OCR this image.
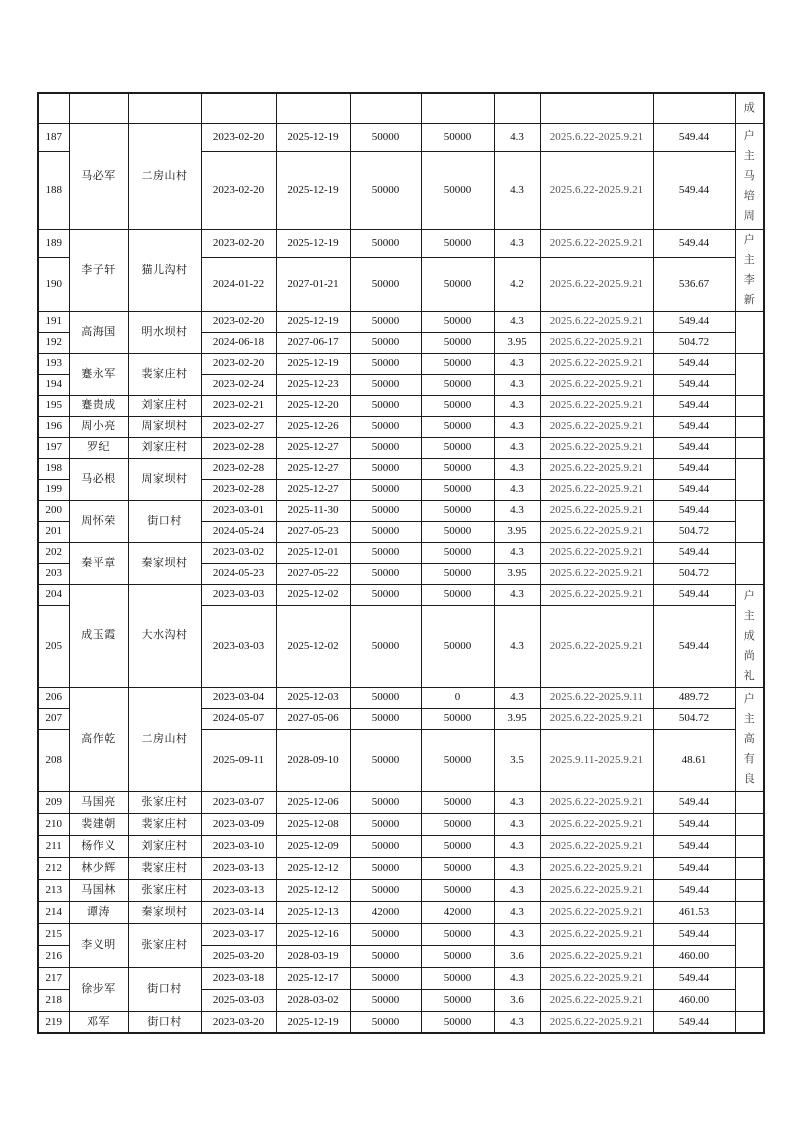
										成

187	马必军	二房山村	2023-02-20	2025-12-19	50000	50000	4.3	2025.6.22-2025.9.21	549.44	户
主
马
培
周

188			2023-02-20	2025-12-19	50000	50000	4.3	2025.6.22-2025.9.21	549.44	
189	李子轩	猫儿沟村	2023-02-20	2025-12-19	50000	50000	4.3	2025.6.22-2025.9.21	549.44	户
主
李
新

190			2024-01-22	2027-01-21	50000	50000	4.2	2025.6.22-2025.9.21	536.67	
191	高海国	明水坝村	2023-02-20	2025-12-19	50000	50000	4.3	2025.6.22-2025.9.21	549.44	

192			2024-06-18	2027-06-17	50000	50000	3.95	2025.6.22-2025.9.21	504.72	
193	蹇永军	裴家庄村	2023-02-20	2025-12-19	50000	50000	4.3	2025.6.22-2025.9.21	549.44	

194			2023-02-24	2025-12-23	50000	50000	4.3	2025.6.22-2025.9.21	549.44	
195	蹇贵成	刘家庄村	2023-02-21	2025-12-20	50000	50000	4.3	2025.6.22-2025.9.21	549.44	

196	周小亮	周家坝村	2023-02-27	2025-12-26	50000	50000	4.3	2025.6.22-2025.9.21	549.44	

197	罗纪	刘家庄村	2023-02-28	2025-12-27	50000	50000	4.3	2025.6.22-2025.9.21	549.44	

198	马必根	周家坝村	2023-02-28	2025-12-27	50000	50000	4.3	2025.6.22-2025.9.21	549.44	

199			2023-02-28	2025-12-27	50000	50000	4.3	2025.6.22-2025.9.21	549.44	
200	周怀荣	街口村	2023-03-01	2025-11-30	50000	50000	4.3	2025.6.22-2025.9.21	549.44	

201			2024-05-24	2027-05-23	50000	50000	3.95	2025.6.22-2025.9.21	504.72	
202	秦平章	秦家坝村	2023-03-02	2025-12-01	50000	50000	4.3	2025.6.22-2025.9.21	549.44	

203			2024-05-23	2027-05-22	50000	50000	3.95	2025.6.22-2025.9.21	504.72	
204	成玉霞	大水沟村	2023-03-03	2025-12-02	50000	50000	4.3	2025.6.22-2025.9.21	549.44	户
主
成
尚
礼

205			2023-03-03	2025-12-02	50000	50000	4.3	2025.6.22-2025.9.21	549.44	
206	高作乾	二房山村	2023-03-04	2025-12-03	50000	0	4.3	2025.6.22-2025.9.11	489.72	户
主
高
有
良

207			2024-05-07	2027-05-06	50000	50000	3.95	2025.6.22-2025.9.21	504.72	
208			2025-09-11	2028-09-10	50000	50000	3.5	2025.9.11-2025.9.21	48.61	
209	马国亮	张家庄村	2023-03-07	2025-12-06	50000	50000	4.3	2025.6.22-2025.9.21	549.44	

210	裴建朝	裴家庄村	2023-03-09	2025-12-08	50000	50000	4.3	2025.6.22-2025.9.21	549.44	

211	杨作义	刘家庄村	2023-03-10	2025-12-09	50000	50000	4.3	2025.6.22-2025.9.21	549.44	

212	林少辉	裴家庄村	2023-03-13	2025-12-12	50000	50000	4.3	2025.6.22-2025.9.21	549.44	

213	马国林	张家庄村	2023-03-13	2025-12-12	50000	50000	4.3	2025.6.22-2025.9.21	549.44	

214	谭涛	秦家坝村	2023-03-14	2025-12-13	42000	42000	4.3	2025.6.22-2025.9.21	461.53	

215	李义明	张家庄村	2023-03-17	2025-12-16	50000	50000	4.3	2025.6.22-2025.9.21	549.44	

216			2025-03-20	2028-03-19	50000	50000	3.6	2025.6.22-2025.9.21	460.00	
217	徐步军	街口村	2023-03-18	2025-12-17	50000	50000	4.3	2025.6.22-2025.9.21	549.44	

218			2025-03-03	2028-03-02	50000	50000	3.6	2025.6.22-2025.9.21	460.00	
219	邓军	街口村	2023-03-20	2025-12-19	50000	50000	4.3	2025.6.22-2025.9.21	549.44	
